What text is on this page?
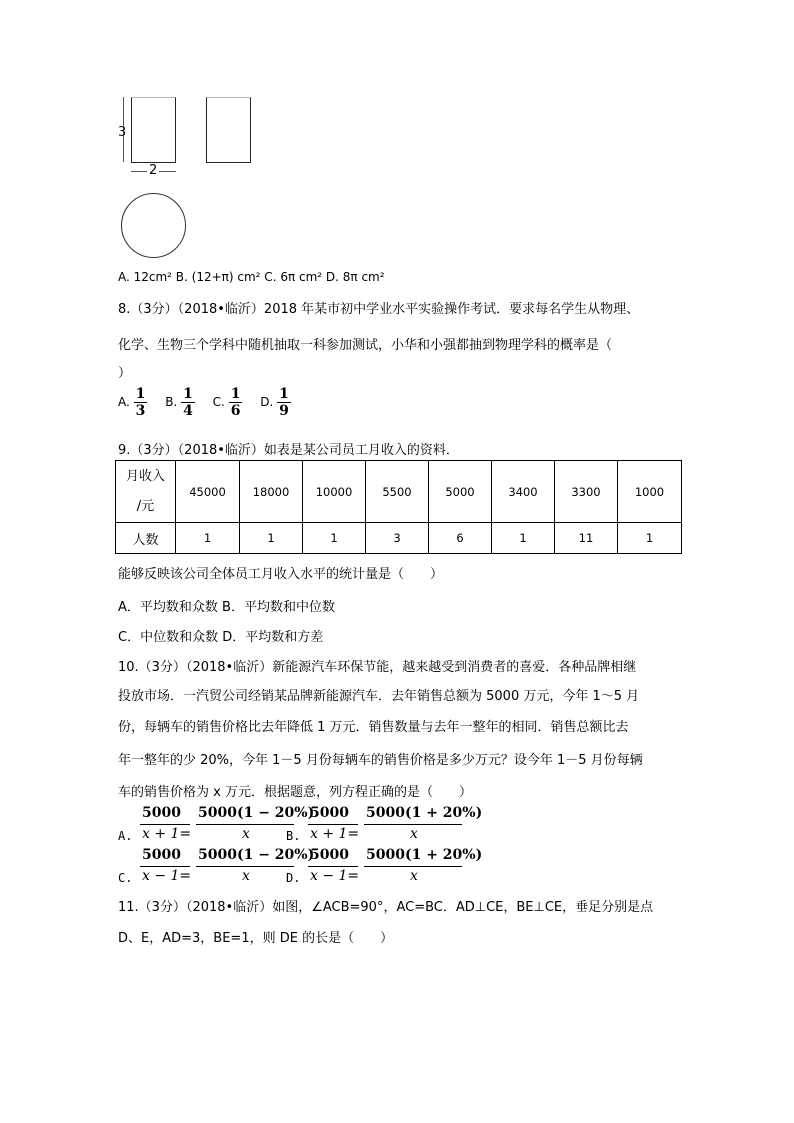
3
2
A. 12cm² B. (12+π) cm² C. 6π cm² D. 8π cm²
8.（3分）（2018•临沂）2018 年某市初中学业水平实验操作考试．要求每名学生从物理、
化学、生物三个学科中随机抽取一科参加测试，小华和小强都抽到物理学科的概率是（
）
A. $\frac{1}{3} B$. $\frac{1}{4} C$. $\frac{1}{6} D$. $\frac{1}{9}$
9.（3分）（2018•临沂）如表是某公司员工月收入的资料．
月收入
/元	45000	18000	10000	5500	5000	3400	3300	1000
人数	1	1	1	3	6	1	11	1
能够反映该公司全体员工月收入水平的统计量是（　　）
A．平均数和众数 B．平均数和中位数
C．中位数和众数 D．平均数和方差
10.（3分）（2018•临沂）新能源汽车环保节能，越来越受到消费者的喜爱．各种品牌相继
投放市场．一汽贸公司经销某品牌新能源汽车．去年销售总额为 5000 万元，今年 1～5 月
份，每辆车的销售价格比去年降低 1 万元．销售数量与去年一整年的相同．销售总额比去
年一整年的少 20%，今年 1－5 月份每辆车的销售价格是多少万元？设今年 1－5 月份每辆
车的销售价格为 x 万元．根据题意，列方程正确的是（　　）
A.
5000
x + 1=
5000(1 − 20%)
x	B.
5000
x + 1=
5000(1 + 20%)
x
C.
5000
x − 1=
5000(1 − 20%)
x	D.
5000
x − 1=
5000(1 + 20%)
x
11.（3分）（2018•临沂）如图，∠ACB=90°，AC=BC．AD⊥CE，BE⊥CE，垂足分别是点
D、E，AD=3，BE=1，则 DE 的长是（　　）
